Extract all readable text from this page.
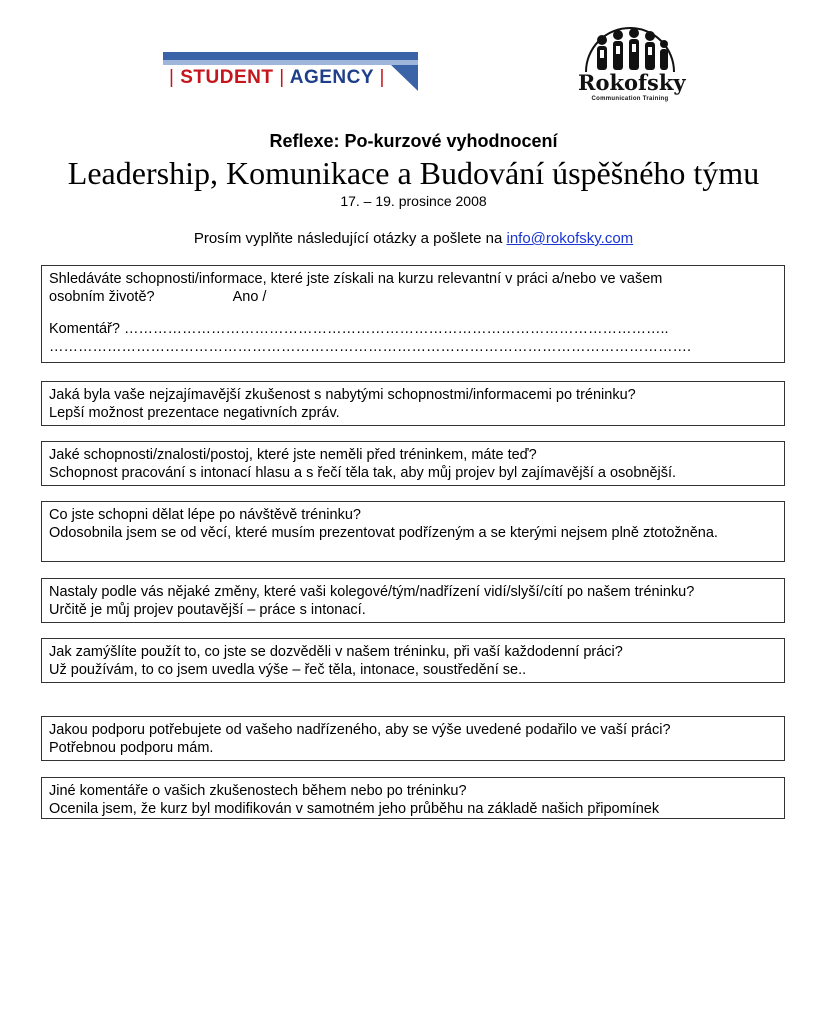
| STUDENT | AGENCY |	Rokofsky
Communication Training
Reflexe: Po-kurzové vyhodnocení
Leadership, Komunikace a Budování úspěšného týmu
17. – 19. prosince 2008
Prosím vyplňte následující otázky a pošlete na info@rokofsky.com

Shledáváte schopnosti/informace, které jste získali na kurzu relevantní v práci a/nebo ve vašem

osobním životě?	Ano /

Komentář? …………………………………………………………………………………………………..

…………………………………………………………………………………………………………………….

Jaká byla vaše nejzajímavější zkušenost s nabytými schopnostmi/informacemi po tréninku?

Lepší možnost prezentace negativních zpráv.

Jaké schopnosti/znalosti/postoj, které jste neměli před tréninkem, máte teď?

Schopnost pracování s intonací hlasu a s řečí těla tak, aby můj projev byl zajímavější a osobnější.

Co jste schopni dělat lépe po návštěvě tréninku?

Odosobnila jsem se od věcí, které musím prezentovat podřízeným a se kterými nejsem plně ztotožněna.

Nastaly podle vás nějaké změny, které vaši kolegové/tým/nadřízení vidí/slyší/cítí po našem tréninku?

Určitě je můj projev poutavější – práce s intonací.

Jak zamýšlíte použít to, co jste se dozvěděli v našem tréninku, při vaší každodenní práci?

Už používám, to co jsem uvedla výše – řeč těla, intonace, soustředění se..

Jakou podporu potřebujete od vašeho nadřízeného, aby se výše uvedené podařilo ve vaší práci?

Potřebnou podporu mám.

Jiné komentáře o vašich zkušenostech během nebo po tréninku?

Ocenila jsem, že kurz byl modifikován v samotném jeho průběhu na základě našich připomínek
